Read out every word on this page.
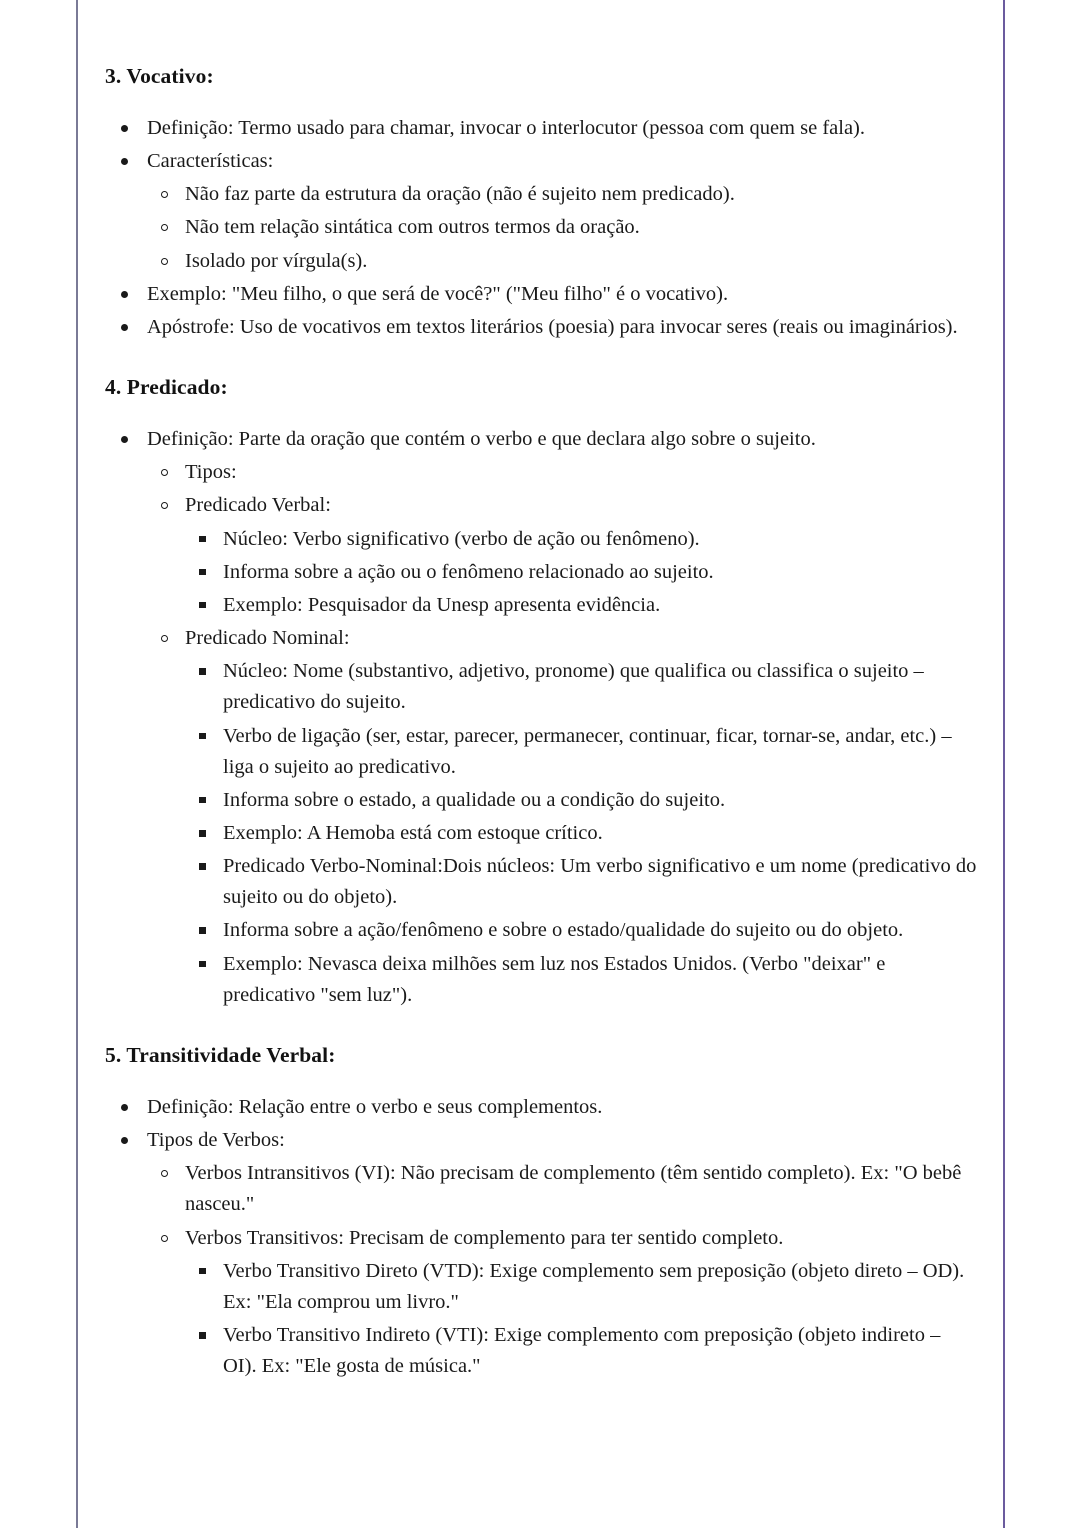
3. Vocativo:
Definição: Termo usado para chamar, invocar o interlocutor (pessoa com quem se fala).
Características:
Não faz parte da estrutura da oração (não é sujeito nem predicado).
Não tem relação sintática com outros termos da oração.
Isolado por vírgula(s).
Exemplo: "Meu filho, o que será de você?" ("Meu filho" é o vocativo).
Apóstrofe: Uso de vocativos em textos literários (poesia) para invocar seres (reais ou imaginários).
4. Predicado:
Definição: Parte da oração que contém o verbo e que declara algo sobre o sujeito.
Tipos:
Predicado Verbal:
Núcleo: Verbo significativo (verbo de ação ou fenômeno).
Informa sobre a ação ou o fenômeno relacionado ao sujeito.
Exemplo: Pesquisador da Unesp apresenta evidência.
Predicado Nominal:
Núcleo: Nome (substantivo, adjetivo, pronome) que qualifica ou classifica o sujeito – predicativo do sujeito.
Verbo de ligação (ser, estar, parecer, permanecer, continuar, ficar, tornar-se, andar, etc.) – liga o sujeito ao predicativo.
Informa sobre o estado, a qualidade ou a condição do sujeito.
Exemplo: A Hemoba está com estoque crítico.
Predicado Verbo-Nominal:Dois núcleos: Um verbo significativo e um nome (predicativo do sujeito ou do objeto).
Informa sobre a ação/fenômeno e sobre o estado/qualidade do sujeito ou do objeto.
Exemplo: Nevasca deixa milhões sem luz nos Estados Unidos. (Verbo "deixar" e predicativo "sem luz").
5. Transitividade Verbal:
Definição: Relação entre o verbo e seus complementos.
Tipos de Verbos:
Verbos Intransitivos (VI): Não precisam de complemento (têm sentido completo). Ex: "O bebê nasceu."
Verbos Transitivos: Precisam de complemento para ter sentido completo.
Verbo Transitivo Direto (VTD): Exige complemento sem preposição (objeto direto – OD). Ex: "Ela comprou um livro."
Verbo Transitivo Indireto (VTI): Exige complemento com preposição (objeto indireto – OI). Ex: "Ele gosta de música."
